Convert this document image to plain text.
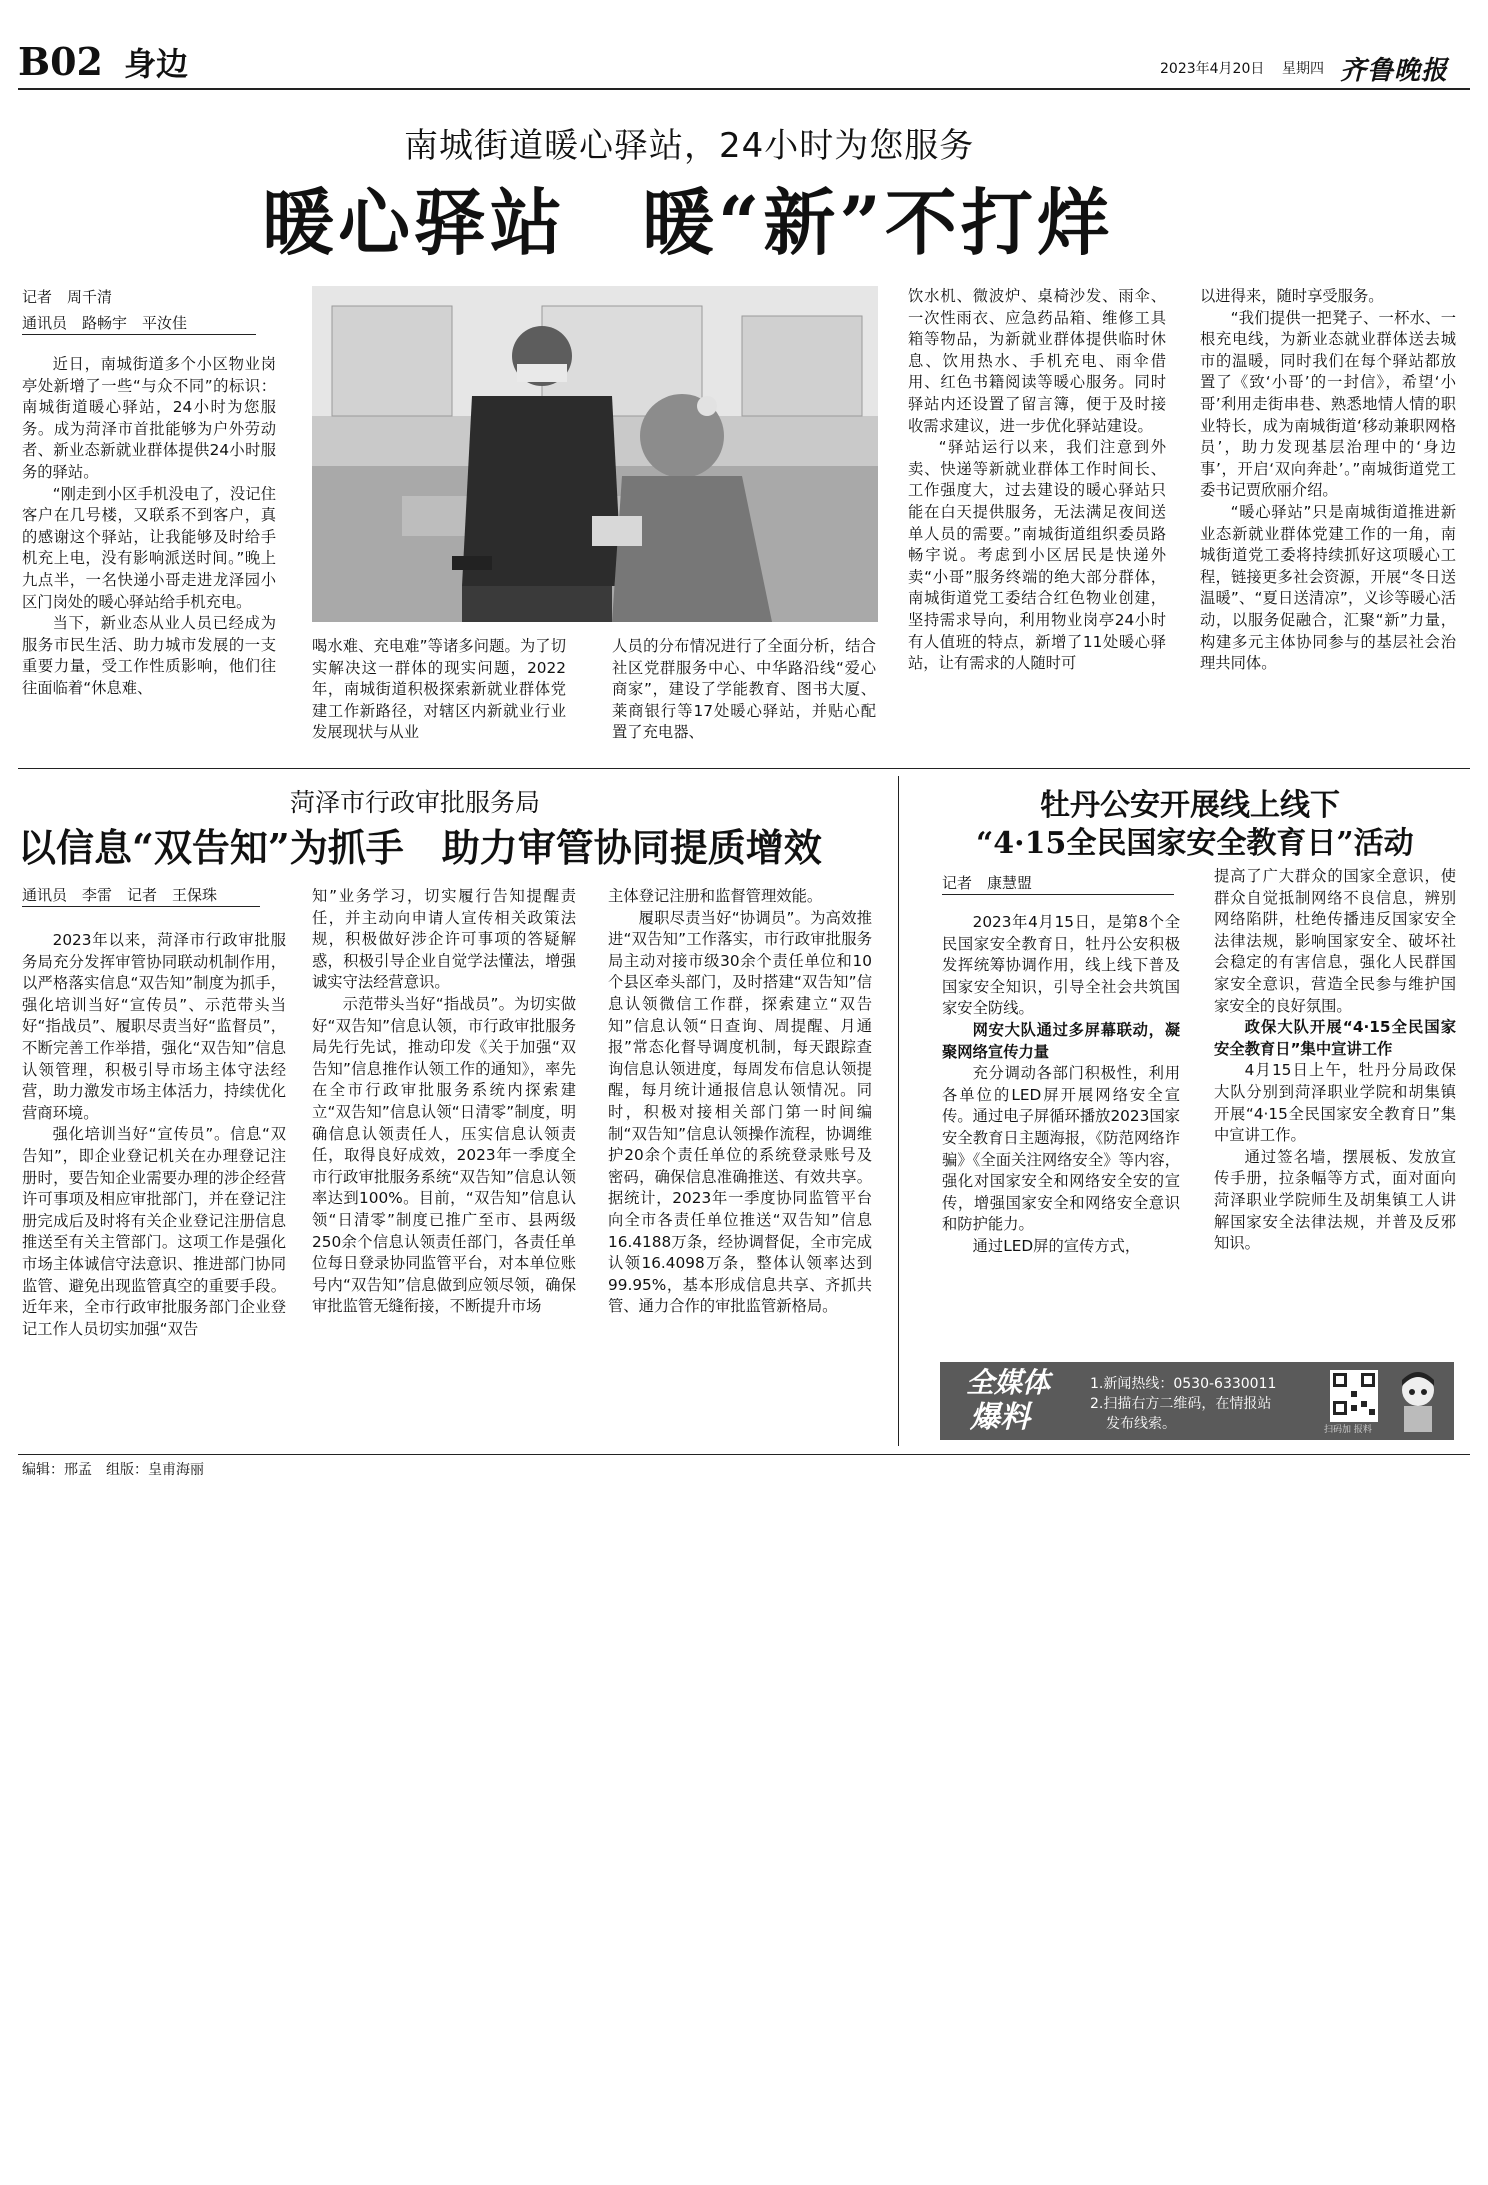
B02 身边	2023年4月20日 星期四 齐鲁晚报
南城街道暖心驿站，24小时为您服务
暖心驿站　暖“新”不打烊
记者　周千清
通讯员　路畅宇　平汝佳

近日，南城街道多个小区物业岗亭处新增了一些“与众不同”的标识：南城街道暖心驿站，24小时为您服务。成为菏泽市首批能够为户外劳动者、新业态新就业群体提供24小时服务的驿站。

“刚走到小区手机没电了，没记住客户在几号楼，又联系不到客户，真的感谢这个驿站，让我能够及时给手机充上电，没有影响派送时间。”晚上九点半，一名快递小哥走进龙泽园小区门岗处的暖心驿站给手机充电。

当下，新业态从业人员已经成为服务市民生活、助力城市发展的一支重要力量，受工作性质影响，他们往往面临着“休息难、

喝水难、充电难”等诸多问题。为了切实解决这一群体的现实问题，2022年，南城街道积极探索新就业群体党建工作新路径，对辖区内新就业行业发展现状与从业

人员的分布情况进行了全面分析，结合社区党群服务中心、中华路沿线“爱心商家”，建设了学能教育、图书大厦、莱商银行等17处暖心驿站，并贴心配置了充电器、

饮水机、微波炉、桌椅沙发、雨伞、一次性雨衣、应急药品箱、维修工具箱等物品，为新就业群体提供临时休息、饮用热水、手机充电、雨伞借用、红色书籍阅读等暖心服务。同时驿站内还设置了留言簿，便于及时接收需求建议，进一步优化驿站建设。

“驿站运行以来，我们注意到外卖、快递等新就业群体工作时间长、工作强度大，过去建设的暖心驿站只能在白天提供服务，无法满足夜间送单人员的需要。”南城街道组织委员路畅宇说。考虑到小区居民是快递外卖“小哥”服务终端的绝大部分群体，南城街道党工委结合红色物业创建，坚持需求导向，利用物业岗亭24小时有人值班的特点，新增了11处暖心驿站，让有需求的人随时可

以进得来，随时享受服务。

“我们提供一把凳子、一杯水、一根充电线，为新业态就业群体送去城市的温暖，同时我们在每个驿站都放置了《致‘小哥’的一封信》，希望‘小哥’利用走街串巷、熟悉地情人情的职业特长，成为南城街道‘移动兼职网格员’，助力发现基层治理中的‘身边事’，开启‘双向奔赴’。”南城街道党工委书记贾欣丽介绍。

“暖心驿站”只是南城街道推进新业态新就业群体党建工作的一角，南城街道党工委将持续抓好这项暖心工程，链接更多社会资源，开展“冬日送温暖”、“夏日送清凉”，义诊等暖心活动，以服务促融合，汇聚“新”力量，构建多元主体协同参与的基层社会治理共同体。

菏泽市行政审批服务局
以信息“双告知”为抓手　助力审管协同提质增效
通讯员　李雷　记者　王保珠

2023年以来，菏泽市行政审批服务局充分发挥审管协同联动机制作用，以严格落实信息“双告知”制度为抓手，强化培训当好“宣传员”、示范带头当好“指战员”、履职尽责当好“监督员”，不断完善工作举措，强化“双告知”信息认领管理，积极引导市场主体守法经营，助力激发市场主体活力，持续优化营商环境。

强化培训当好“宣传员”。信息“双告知”，即企业登记机关在办理登记注册时，要告知企业需要办理的涉企经营许可事项及相应审批部门，并在登记注册完成后及时将有关企业登记注册信息推送至有关主管部门。这项工作是强化市场主体诚信守法意识、推进部门协同监管、避免出现监管真空的重要手段。近年来，全市行政审批服务部门企业登记工作人员切实加强“双告

知”业务学习，切实履行告知提醒责任，并主动向申请人宣传相关政策法规，积极做好涉企许可事项的答疑解惑，积极引导企业自觉学法懂法，增强诚实守法经营意识。

示范带头当好“指战员”。为切实做好“双告知”信息认领，市行政审批服务局先行先试，推动印发《关于加强“双告知”信息推作认领工作的通知》，率先在全市行政审批服务系统内探索建立“双告知”信息认领“日清零”制度，明确信息认领责任人，压实信息认领责任，取得良好成效，2023年一季度全市行政审批服务系统“双告知”信息认领率达到100%。目前，“双告知”信息认领“日清零”制度已推广至市、县两级250余个信息认领责任部门，各责任单位每日登录协同监管平台，对本单位账号内“双告知”信息做到应领尽领，确保审批监管无缝衔接，不断提升市场

主体登记注册和监督管理效能。

履职尽责当好“协调员”。为高效推进“双告知”工作落实，市行政审批服务局主动对接市级30余个责任单位和10个县区牵头部门，及时搭建“双告知”信息认领微信工作群，探索建立“双告知”信息认领“日查询、周提醒、月通报”常态化督导调度机制，每天跟踪查询信息认领进度，每周发布信息认领提醒，每月统计通报信息认领情况。同时，积极对接相关部门第一时间编制“双告知”信息认领操作流程，协调维护20余个责任单位的系统登录账号及密码，确保信息准确推送、有效共享。据统计，2023年一季度协同监管平台向全市各责任单位推送“双告知”信息16.4188万条，经协调督促，全市完成认领16.4098万条，整体认领率达到99.95%，基本形成信息共享、齐抓共管、通力合作的审批监管新格局。

牡丹公安开展线上线下
“4·15全民国家安全教育日”活动
记者　康慧盟

2023年4月15日，是第8个全民国家安全教育日，牡丹公安积极发挥统筹协调作用，线上线下普及国家安全知识，引导全社会共筑国家安全防线。

网安大队通过多屏幕联动，凝聚网络宣传力量

充分调动各部门积极性，利用各单位的LED屏开展网络安全宣传。通过电子屏循环播放2023国家安全教育日主题海报，《防范网络诈骗》《全面关注网络安全》等内容，强化对国家安全和网络安全安的宣传，增强国家安全和网络安全意识和防护能力。

通过LED屏的宣传方式，

提高了广大群众的国家全意识，使群众自觉抵制网络不良信息，辨别网络陷阱，杜绝传播违反国家安全法律法规，影响国家安全、破坏社会稳定的有害信息，强化人民群国家安全意识，营造全民参与维护国家安全的良好氛围。

政保大队开展“4·15全民国家安全教育日”集中宣讲工作

4月15日上午，牡丹分局政保大队分别到菏泽职业学院和胡集镇开展“4·15全民国家安全教育日”集中宣讲工作。

通过签名墙，摆展板、发放宣传手册，拉条幅等方式，面对面向菏泽职业学院师生及胡集镇工人讲解国家安全法律法规，并普及反邪知识。

全媒体
爆料
1.新闻热线：0530-6330011
2.扫描右方二维码，在情报站
发布线索。	扫码加 报料
编辑：邢孟　组版：皇甫海丽
